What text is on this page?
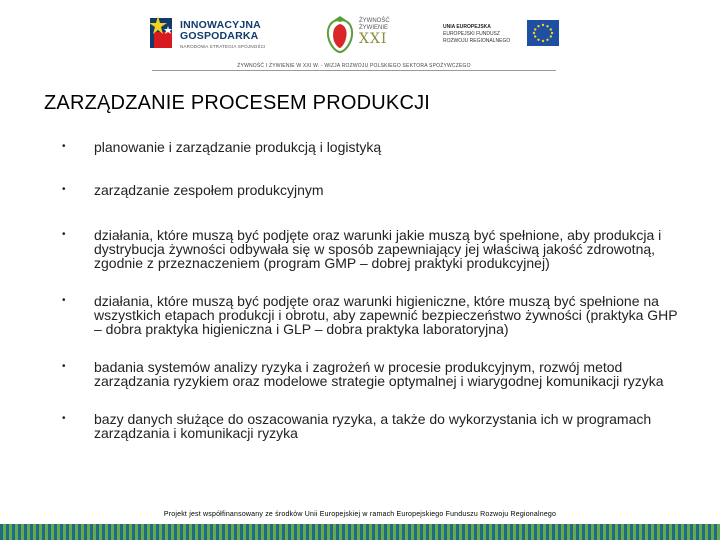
INNOWACYJNA
GOSPODARKA
NARODOWA STRATEGIA SPÓJNOŚCI
ŻYWNOŚĆ
ŻYWIENIE
XXI
UNIA EUROPEJSKA
EUROPEJSKI FUNDUSZ
ROZWOJU REGIONALNEGO
ŻYWNOŚĆ I ŻYWIENIE W XXI W. - WIZJA ROZWOJU POLSKIEGO SEKTORA SPOŻYWCZEGO
ZARZĄDZANIE PROCESEM PRODUKCJI
• planowanie i zarządzanie produkcją i logistyką
• zarządzanie zespołem produkcyjnym
• działania, które muszą być podjęte oraz warunki jakie muszą być spełnione, aby produkcja i dystrybucja żywności odbywała się w sposób zapewniający jej właściwą jakość zdrowotną, zgodnie z przeznaczeniem (program GMP – dobrej praktyki produkcyjnej)
• działania, które muszą być podjęte oraz warunki higieniczne, które muszą być spełnione na wszystkich etapach produkcji i obrotu, aby zapewnić bezpieczeństwo żywności (praktyka GHP – dobra praktyka higieniczna i GLP – dobra praktyka laboratoryjna)
• badania systemów analizy ryzyka i zagrożeń w procesie produkcyjnym, rozwój metod zarządzania ryzykiem oraz modelowe strategie optymalnej i wiarygodnej komunikacji ryzyka
• bazy danych służące do oszacowania ryzyka, a także do wykorzystania ich w programach zarządzania i komunikacji ryzyka
Projekt jest współfinansowany ze środków Unii Europejskiej w ramach Europejskiego Funduszu Rozwoju Regionalnego
